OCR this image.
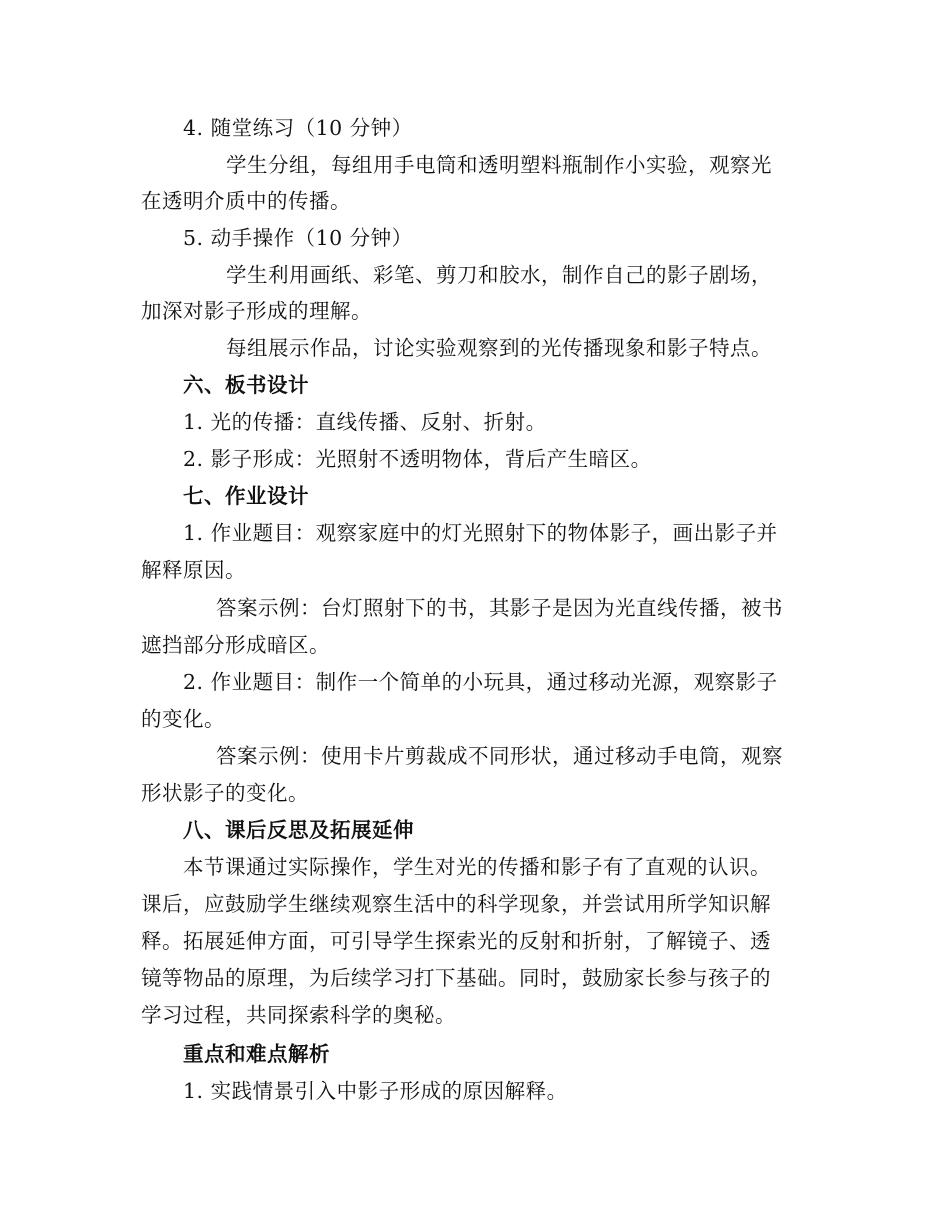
4. 随堂练习（10 分钟）
学生分组，每组用手电筒和透明塑料瓶制作小实验，观察光
在透明介质中的传播。
5. 动手操作（10 分钟）
学生利用画纸、彩笔、剪刀和胶水，制作自己的影子剧场，
加深对影子形成的理解。
每组展示作品，讨论实验观察到的光传播现象和影子特点。
六、板书设计
1. 光的传播：直线传播、反射、折射。
2. 影子形成：光照射不透明物体，背后产生暗区。
七、作业设计
1. 作业题目：观察家庭中的灯光照射下的物体影子，画出影子并
解释原因。
答案示例：台灯照射下的书，其影子是因为光直线传播，被书
遮挡部分形成暗区。
2. 作业题目：制作一个简单的小玩具，通过移动光源，观察影子
的变化。
答案示例：使用卡片剪裁成不同形状，通过移动手电筒，观察
形状影子的变化。
八、课后反思及拓展延伸
本节课通过实际操作，学生对光的传播和影子有了直观的认识。
课后，应鼓励学生继续观察生活中的科学现象，并尝试用所学知识解
释。拓展延伸方面，可引导学生探索光的反射和折射，了解镜子、透
镜等物品的原理，为后续学习打下基础。同时，鼓励家长参与孩子的
学习过程，共同探索科学的奥秘。
重点和难点解析
1. 实践情景引入中影子形成的原因解释。
